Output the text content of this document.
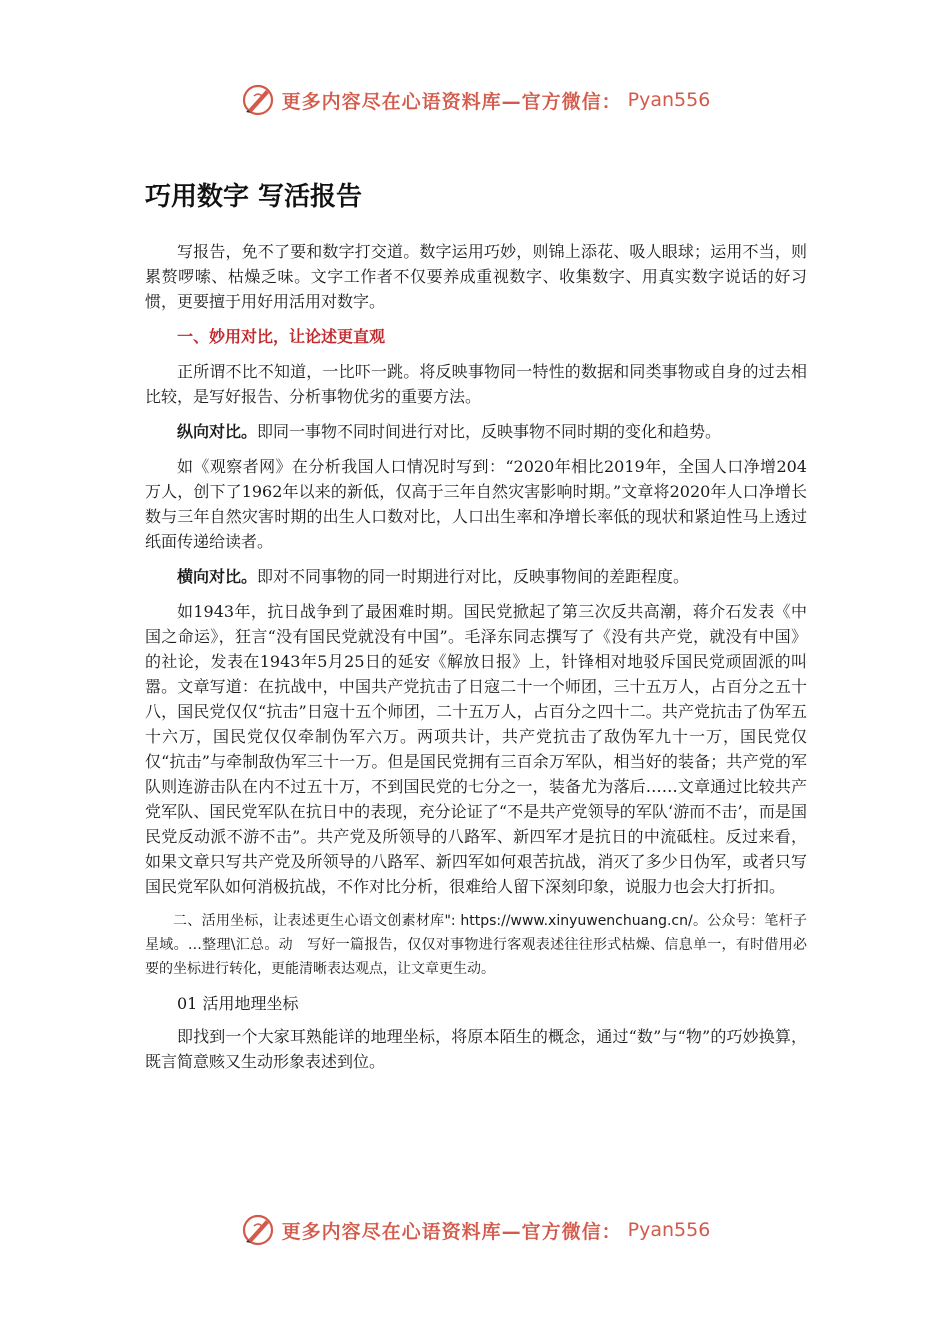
更多内容尽在心语资料库—官方微信： Pyan556
巧用数字 写活报告

写报告，免不了要和数字打交道。数字运用巧妙，则锦上添花、吸人眼球；运用不当，则累赘啰嗦、枯燥乏味。文字工作者不仅要养成重视数字、收集数字、用真实数字说话的好习惯，更要擅于用好用活用对数字。

一、妙用对比，让论述更直观

正所谓不比不知道，一比吓一跳。将反映事物同一特性的数据和同类事物或自身的过去相比较，是写好报告、分析事物优劣的重要方法。

纵向对比。即同一事物不同时间进行对比，反映事物不同时期的变化和趋势。

如《观察者网》在分析我国人口情况时写到：“2020年相比2019年，全国人口净增204万人，创下了1962年以来的新低，仅高于三年自然灾害影响时期。”文章将2020年人口净增长数与三年自然灾害时期的出生人口数对比，人口出生率和净增长率低的现状和紧迫性马上透过纸面传递给读者。

横向对比。即对不同事物的同一时期进行对比，反映事物间的差距程度。

如1943年，抗日战争到了最困难时期。国民党掀起了第三次反共高潮，蒋介石发表《中国之命运》，狂言“没有国民党就没有中国”。毛泽东同志撰写了《没有共产党，就没有中国》的社论，发表在1943年5月25日的延安《解放日报》上，针锋相对地驳斥国民党顽固派的叫嚣。文章写道：在抗战中，中国共产党抗击了日寇二十一个师团，三十五万人，占百分之五十八，国民党仅仅“抗击”日寇十五个师团，二十五万人，占百分之四十二。共产党抗击了伪军五十六万，国民党仅仅牵制伪军六万。两项共计，共产党抗击了敌伪军九十一万，国民党仅仅“抗击”与牵制敌伪军三十一万。但是国民党拥有三百余万军队，相当好的装备；共产党的军队则连游击队在内不过五十万，不到国民党的七分之一，装备尤为落后……文章通过比较共产党军队、国民党军队在抗日中的表现，充分论证了“不是共产党领导的军队‘游而不击’，而是国民党反动派不游不击”。共产党及所领导的八路军、新四军才是抗日的中流砥柱。反过来看，如果文章只写共产党及所领导的八路军、新四军如何艰苦抗战，消灭了多少日伪军，或者只写国民党军队如何消极抗战，不作对比分析，很难给人留下深刻印象，说服力也会大打折扣。

二、活用坐标，让表述更生心语文创素材库": https://www.xinyuwenchuang.cn/。公众号：笔杆子星域。…整理\汇总。动　写好一篇报告，仅仅对事物进行客观表述往往形式枯燥、信息单一，有时借用必要的坐标进行转化，更能清晰表达观点，让文章更生动。

01 活用地理坐标

即找到一个大家耳熟能详的地理坐标，将原本陌生的概念，通过“数”与“物”的巧妙换算，既言简意赅又生动形象表述到位。

更多内容尽在心语资料库—官方微信： Pyan556
